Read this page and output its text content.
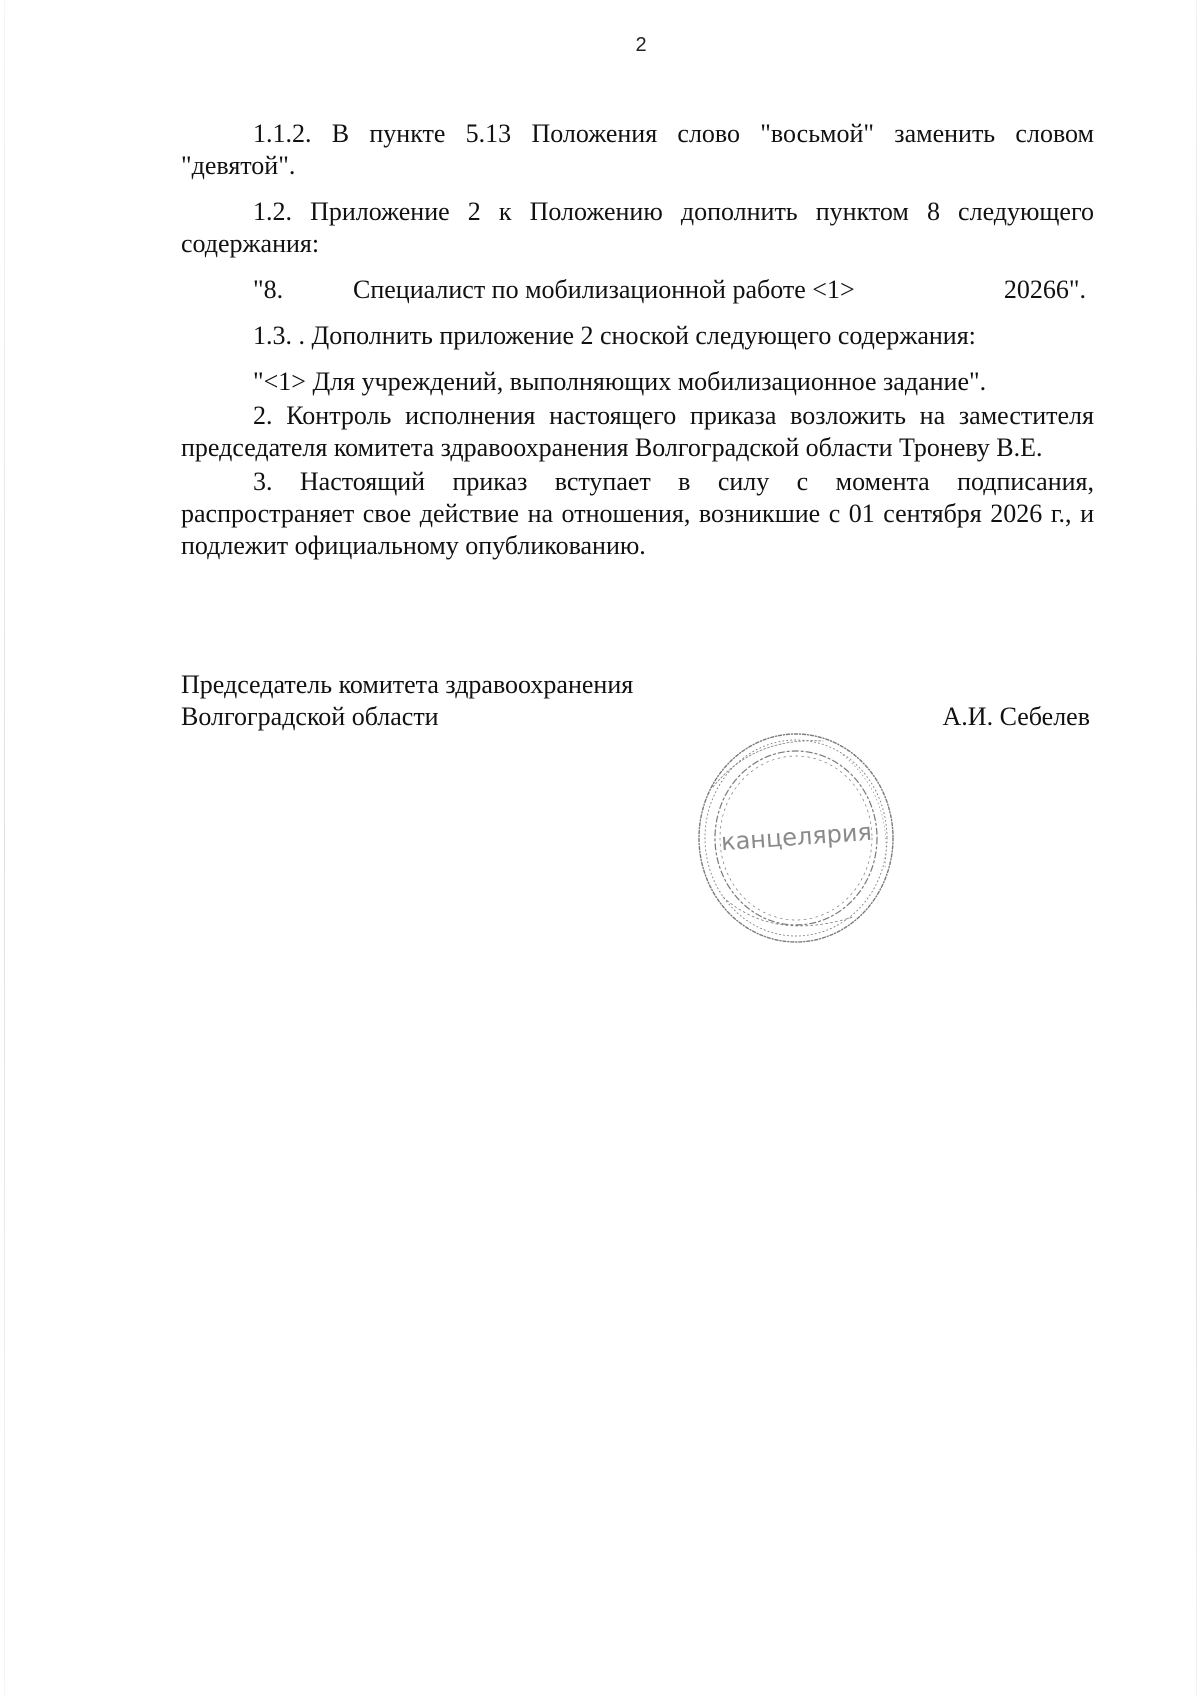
2

1.1.2. В пункте 5.13 Положения слово "восьмой" заменить словом "девятой".

1.2. Приложение 2 к Положению дополнить пунктом 8 следующего содержания:

"8.	Специалист по мобилизационной работе <1>	20266".

1.3. . Дополнить приложение 2 сноской следующего содержания:

"<1> Для учреждений, выполняющих мобилизационное задание".

2. Контроль исполнения настоящего приказа возложить на заместителя председателя комитета здравоохранения Волгоградской области Троневу В.Е.

3. Настоящий приказ вступает в силу с момента подписания, распространяет свое действие на отношения, возникшие с 01 сентября 2026 г., и подлежит официальному опубликованию.

Председатель комитета здравоохранения

Волгоградской области	А.И. Себелев
канцелярия
